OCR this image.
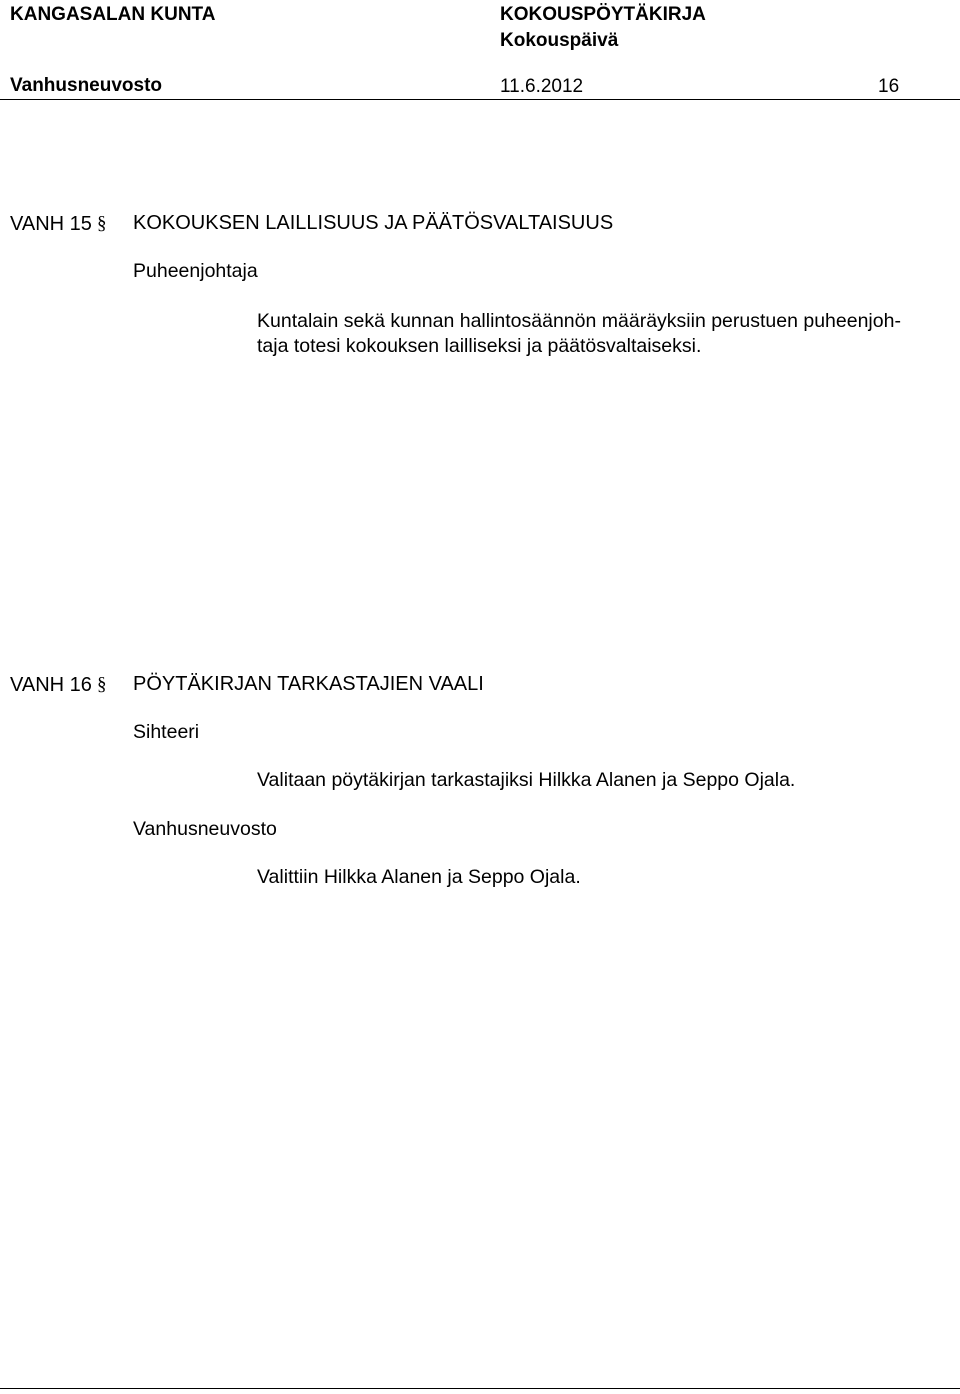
KANGASALAN KUNTA	KOKOUSPÖYTÄKIRJA
Kokouspäivä
Vanhusneuvosto	11.6.2012	16
VANH 15 § KOKOUKSEN LAILLISUUS JA PÄÄTÖSVALTAISUUS
Puheenjohtaja
Kuntalain sekä kunnan hallintosäännön määräyksiin perustuen puheenjoh-
taja totesi kokouksen lailliseksi ja päätösvaltaiseksi.
VANH 16 § PÖYTÄKIRJAN TARKASTAJIEN VAALI
Sihteeri
Valitaan pöytäkirjan tarkastajiksi Hilkka Alanen ja Seppo Ojala.
Vanhusneuvosto
Valittiin Hilkka Alanen ja Seppo Ojala.
